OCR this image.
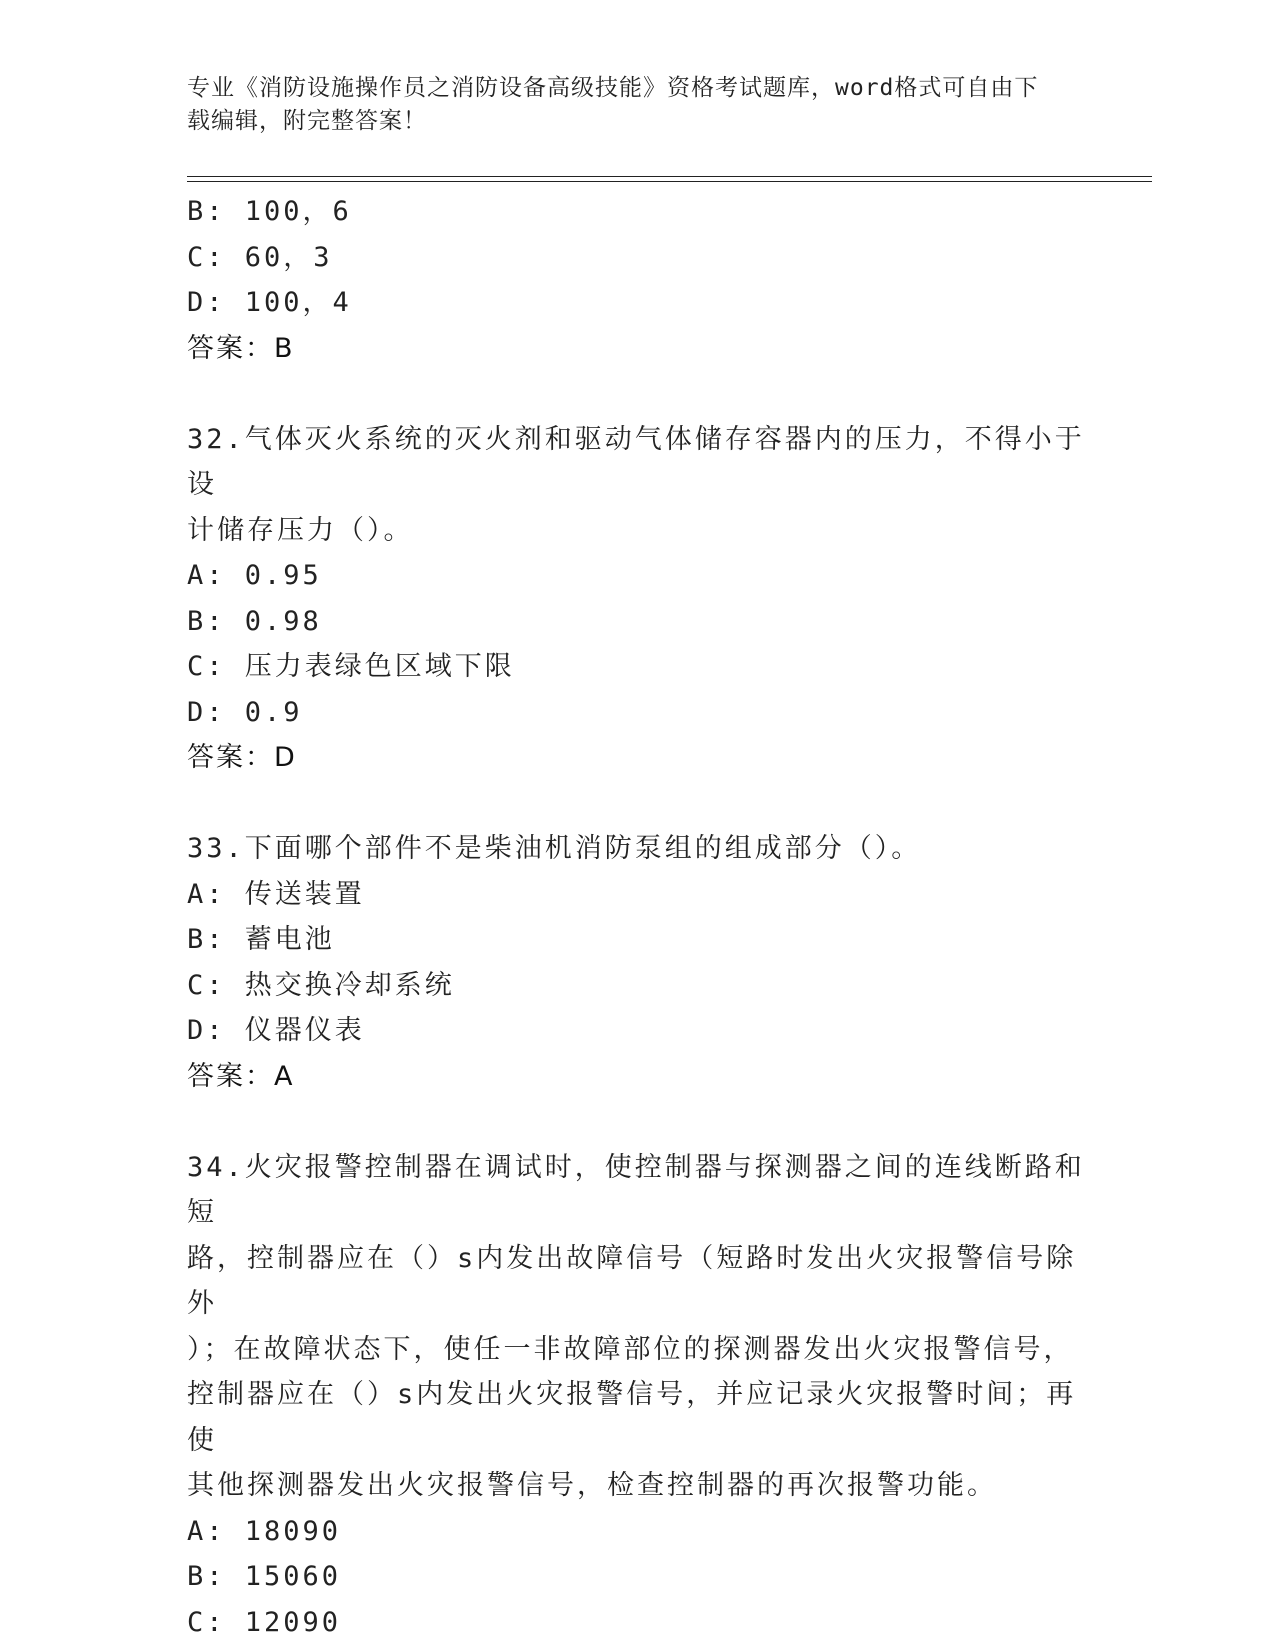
专业《消防设施操作员之消防设备高级技能》资格考试题库，word格式可自由下
载编辑，附完整答案！
B: 100，6
C: 60，3
D: 100，4
答案：B
32.气体灭火系统的灭火剂和驱动气体储存容器内的压力，不得小于设
计储存压力（）。
A: 0.95
B: 0.98
C: 压力表绿色区域下限
D: 0.9
答案：D
33.下面哪个部件不是柴油机消防泵组的组成部分（）。
A: 传送装置
B: 蓄电池
C: 热交换冷却系统
D: 仪器仪表
答案：A
34.火灾报警控制器在调试时，使控制器与探测器之间的连线断路和短
路，控制器应在（）s内发出故障信号（短路时发出火灾报警信号除外
）；在故障状态下，使任一非故障部位的探测器发出火灾报警信号，
控制器应在（）s内发出火灾报警信号，并应记录火灾报警时间；再使
其他探测器发出火灾报警信号，检查控制器的再次报警功能。
A: 18090
B: 15060
C: 12090
